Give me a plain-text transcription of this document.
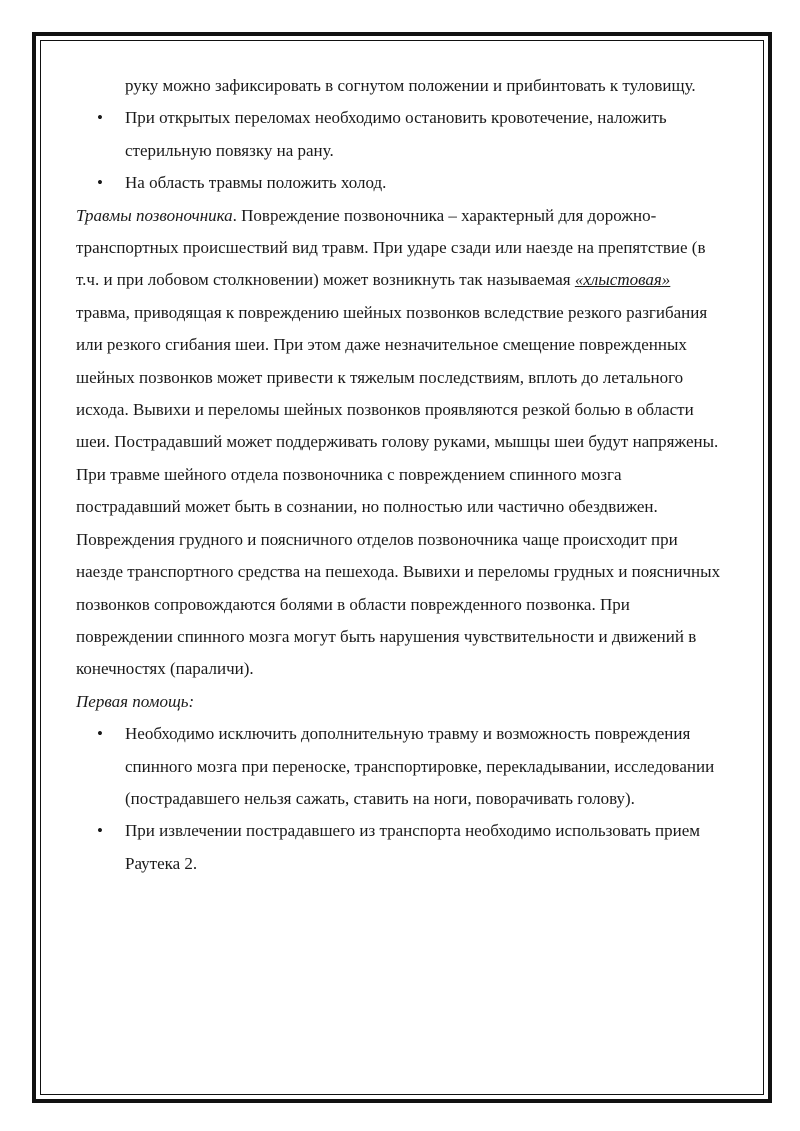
руку можно зафиксировать в согнутом положении и прибинтовать к туловищу.
• При открытых переломах необходимо остановить кровотечение, наложить стерильную повязку на рану.
• На область травмы положить холод.

Травмы позвоночника. Повреждение позвоночника – характерный для дорожно-транспортных происшествий вид травм. При ударе сзади или наезде на препятствие (в т.ч. и при лобовом столкновении) может возникнуть так называемая «хлыстовая» травма, приводящая к повреждению шейных позвонков вследствие резкого разгибания или резкого сгибания шеи. При этом даже незначительное смещение поврежденных шейных позвонков может привести к тяжелым последствиям, вплоть до летального исхода. Вывихи и переломы шейных позвонков проявляются резкой болью в области шеи. Пострадавший может поддерживать голову руками, мышцы шеи будут напряжены. При травме шейного отдела позвоночника с повреждением спинного мозга пострадавший может быть в сознании, но полностью или частично обездвижен. Повреждения грудного и поясничного отделов позвоночника чаще происходит при наезде транспортного средства на пешехода. Вывихи и переломы грудных и поясничных позвонков сопровождаются болями в области поврежденного позвонка. При повреждении спинного мозга могут быть нарушения чувствительности и движений в конечностях (параличи).

Первая помощь:

• Необходимо исключить дополнительную травму и возможность повреждения спинного мозга при переноске, транспортировке, перекладывании, исследовании (пострадавшего нельзя сажать, ставить на ноги, поворачивать голову).
• При извлечении пострадавшего из транспорта необходимо использовать прием Раутека 2.
